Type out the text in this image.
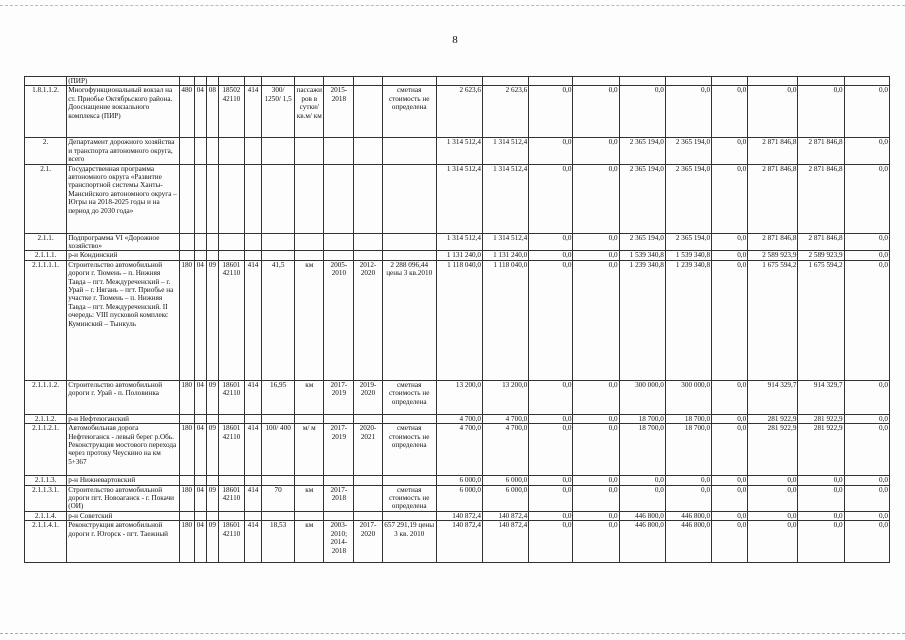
8
	(ПИР)																				
1.8.1.1.2.	Многофункциональный вокзал на ст. Приобье Октябрьского района. Дооснащение вокзального комплекса (ПИР)	480	04	08	18502 42110	414	300/ 1250/ 1,5	пассажи ров в сутки/ кв.м/ км	2015-2018		сметная стоимость не определена	2 623,6	2 623,6	0,0	0,0	0,0	0,0	0,0	0,0	0,0	0,0
2.	Департамент дорожного хозяйства и транспорта автономного округа, всего											1 314 512,4	1 314 512,4	0,0	0,0	2 365 194,0	2 365 194,0	0,0	2 871 846,8	2 871 846,8	0,0
2.1.	Государственная программа автономного округа «Развитие транспортной системы Ханты-Мансийского автономного округа – Югры на 2018-2025 годы и на период до 2030 года»											1 314 512,4	1 314 512,4	0,0	0,0	2 365 194,0	2 365 194,0	0,0	2 871 846,8	2 871 846,8	0,0
2.1.1.	Подпрограмма VI «Дорожное хозяйство»											1 314 512,4	1 314 512,4	0,0	0,0	2 365 194,0	2 365 194,0	0,0	2 871 846,8	2 871 846,8	0,0
2.1.1.1.	р-н Кондинский											1 131 240,0	1 131 240,0	0,0	0,0	1 539 340,8	1 539 340,8	0,0	2 589 923,9	2 589 923,9	0,0
2.1.1.1.1.	Строительство автомобильной дороги г. Тюмень – п. Нижняя Тавда – пгт. Междуреченский – г. Урай – г. Нягань – пгт. Приобье на участке г. Тюмень – п. Нижняя Тавда – пгт. Междуреченский. II очередь: VIII пусковой комплекс Куминский – Тынкуль	180	04	09	18601 42110	414	41,5	км	2005-2010	2012-2020	2 288 096,44 цены 3 кв.2010	1 118 040,0	1 118 040,0	0,0	0,0	1 239 340,8	1 239 340,8	0,0	1 675 594,2	1 675 594,2	0,0
2.1.1.1.2.	Строительство автомобильной дороги г. Урай - п. Половинка	180	04	09	18601 42110	414	16,95	км	2017-2019	2019-2020	сметная стоимость не определена	13 200,0	13 200,0	0,0	0,0	300 000,0	300 000,0	0,0	914 329,7	914 329,7	0,0
2.1.1.2.	р-н Нефтеюганский											4 700,0	4 700,0	0,0	0,0	18 700,0	18 700,0	0,0	281 922,9	281 922,9	0,0
2.1.1.2.1.	Автомобильная дорога Нефтеюганск - левый берег р.Обь. Реконструкция мостового перехода через протоку Чеускино на км 5+367	180	04	09	18601 42110	414	100/ 400	м/ м	2017-2019	2020-2021	сметная стоимость не определена	4 700,0	4 700,0	0,0	0,0	18 700,0	18 700,0	0,0	281 922,9	281 922,9	0,0
2.1.1.3.	р-н Нижневартовский											6 000,0	6 000,0	0,0	0,0	0,0	0,0	0,0	0,0	0,0	0,0
2.1.1.3.1.	Строительство автомобильной дороги пгт. Новоаганск - г. Покачи (ОИ)	180	04	09	18601 42110	414	70	км	2017-2018		сметная стоимость не определена	6 000,0	6 000,0	0,0	0,0	0,0	0,0	0,0	0,0	0,0	0,0
2.1.1.4.	р-н Советский											140 872,4	140 872,4	0,0	0,0	446 800,0	446 800,0	0,0	0,0	0,0	0,0
2.1.1.4.1.	Реконструкция автомобильной дороги г. Югорск - пгт. Таежный	180	04	09	18601 42110	414	18,53	км	2003-2010; 2014-2018	2017-2020	657 291,19 цены 3 кв. 2010	140 872,4	140 872,4	0,0	0,0	446 800,0	446 800,0	0,0	0,0	0,0	0,0
